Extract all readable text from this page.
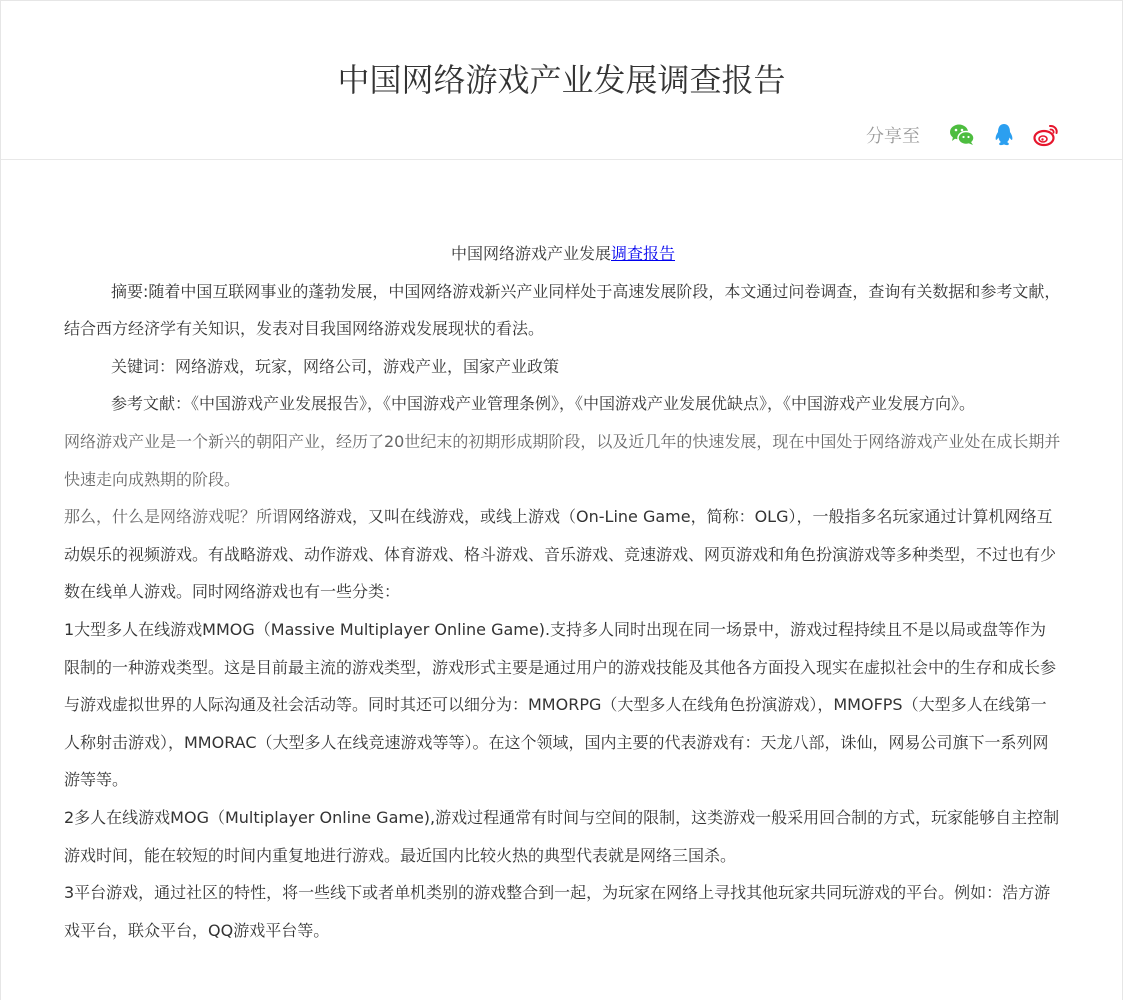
中国网络游戏产业发展调查报告
分享至

中国网络游戏产业发展调查报告

摘要:随着中国互联网事业的蓬勃发展，中国网络游戏新兴产业同样处于高速发展阶段，本文通过问卷调查，查询有关数据和参考文献，结合西方经济学有关知识，发表对目我国网络游戏发展现状的看法。

关键词：网络游戏，玩家，网络公司，游戏产业，国家产业政策

参考文献：《中国游戏产业发展报告》，《中国游戏产业管理条例》，《中国游戏产业发展优缺点》，《中国游戏产业发展方向》。

网络游戏产业是一个新兴的朝阳产业，经历了20世纪末的初期形成期阶段，以及近几年的快速发展，现在中国处于网络游戏产业处在成长期并快速走向成熟期的阶段。

那么，什么是网络游戏呢？所谓网络游戏，又叫在线游戏，或线上游戏（On-Line Game，简称：OLG），一般指多名玩家通过计算机网络互动娱乐的视频游戏。有战略游戏、动作游戏、体育游戏、格斗游戏、音乐游戏、竞速游戏、网页游戏和角色扮演游戏等多种类型，不过也有少数在线单人游戏。同时网络游戏也有一些分类：

1大型多人在线游戏MMOG（Massive Multiplayer Online Game).支持多人同时出现在同一场景中，游戏过程持续且不是以局或盘等作为限制的一种游戏类型。这是目前最主流的游戏类型，游戏形式主要是通过用户的游戏技能及其他各方面投入现实在虚拟社会中的生存和成长参与游戏虚拟世界的人际沟通及社会活动等。同时其还可以细分为：MMORPG（大型多人在线角色扮演游戏），MMOFPS（大型多人在线第一人称射击游戏），MMORAC（大型多人在线竞速游戏等等）。在这个领域，国内主要的代表游戏有：天龙八部，诛仙，网易公司旗下一系列网游等等。

2多人在线游戏MOG（Multiplayer Online Game),游戏过程通常有时间与空间的限制，这类游戏一般采用回合制的方式，玩家能够自主控制游戏时间，能在较短的时间内重复地进行游戏。最近国内比较火热的典型代表就是网络三国杀。

3平台游戏，通过社区的特性，将一些线下或者单机类别的游戏整合到一起，为玩家在网络上寻找其他玩家共同玩游戏的平台。例如：浩方游戏平台，联众平台，QQ游戏平台等。
